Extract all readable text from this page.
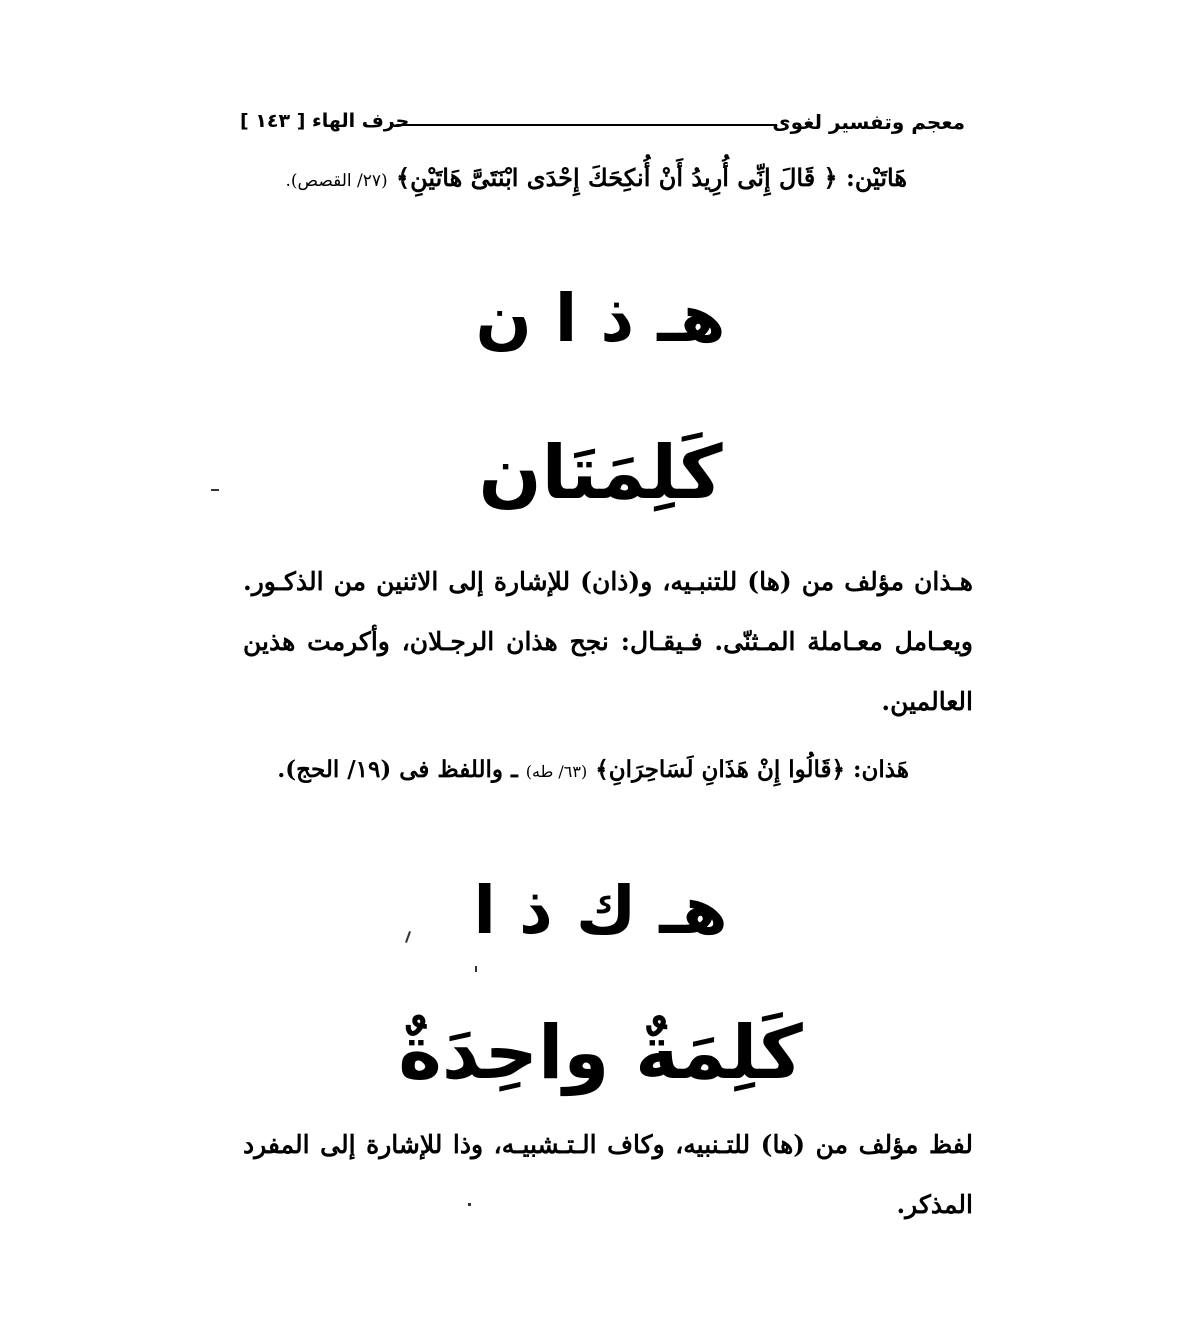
معجم وتفسير لغوى
حرف الهاء [ ١٤٣ ]
هَاتَيْن: ﴿ قَالَ إِنِّى أُرِيدُ أَنْ أُنكِحَكَ إِحْدَى ابْنَتَىَّ هَاتَيْنِ﴾ (٢٧/ القصص).
هـ ذ ا ن
كَلِمَتَان
هـذان مؤلف من (ها) للتنبـيه، و(ذان) للإشارة إلى الاثنين من الذكـور. ويعـامل معـاملة المـثنّى. فـيقـال: نجح هذان الرجـلان، وأكرمت هذين العالمين.
هَذان: ﴿قَالُوا إِنْ هَذَانِ لَسَاحِرَانِ﴾ (٦٣/ طه) ـ واللفظ فى (١٩/ الحج).
هـ ك ذ ا
كَلِمَةٌ واحِدَةٌ
لفظ مؤلف من (ها) للتـنبيه، وكاف الـتـشبيـه، وذا للإشارة إلى المفرد المذكر.
